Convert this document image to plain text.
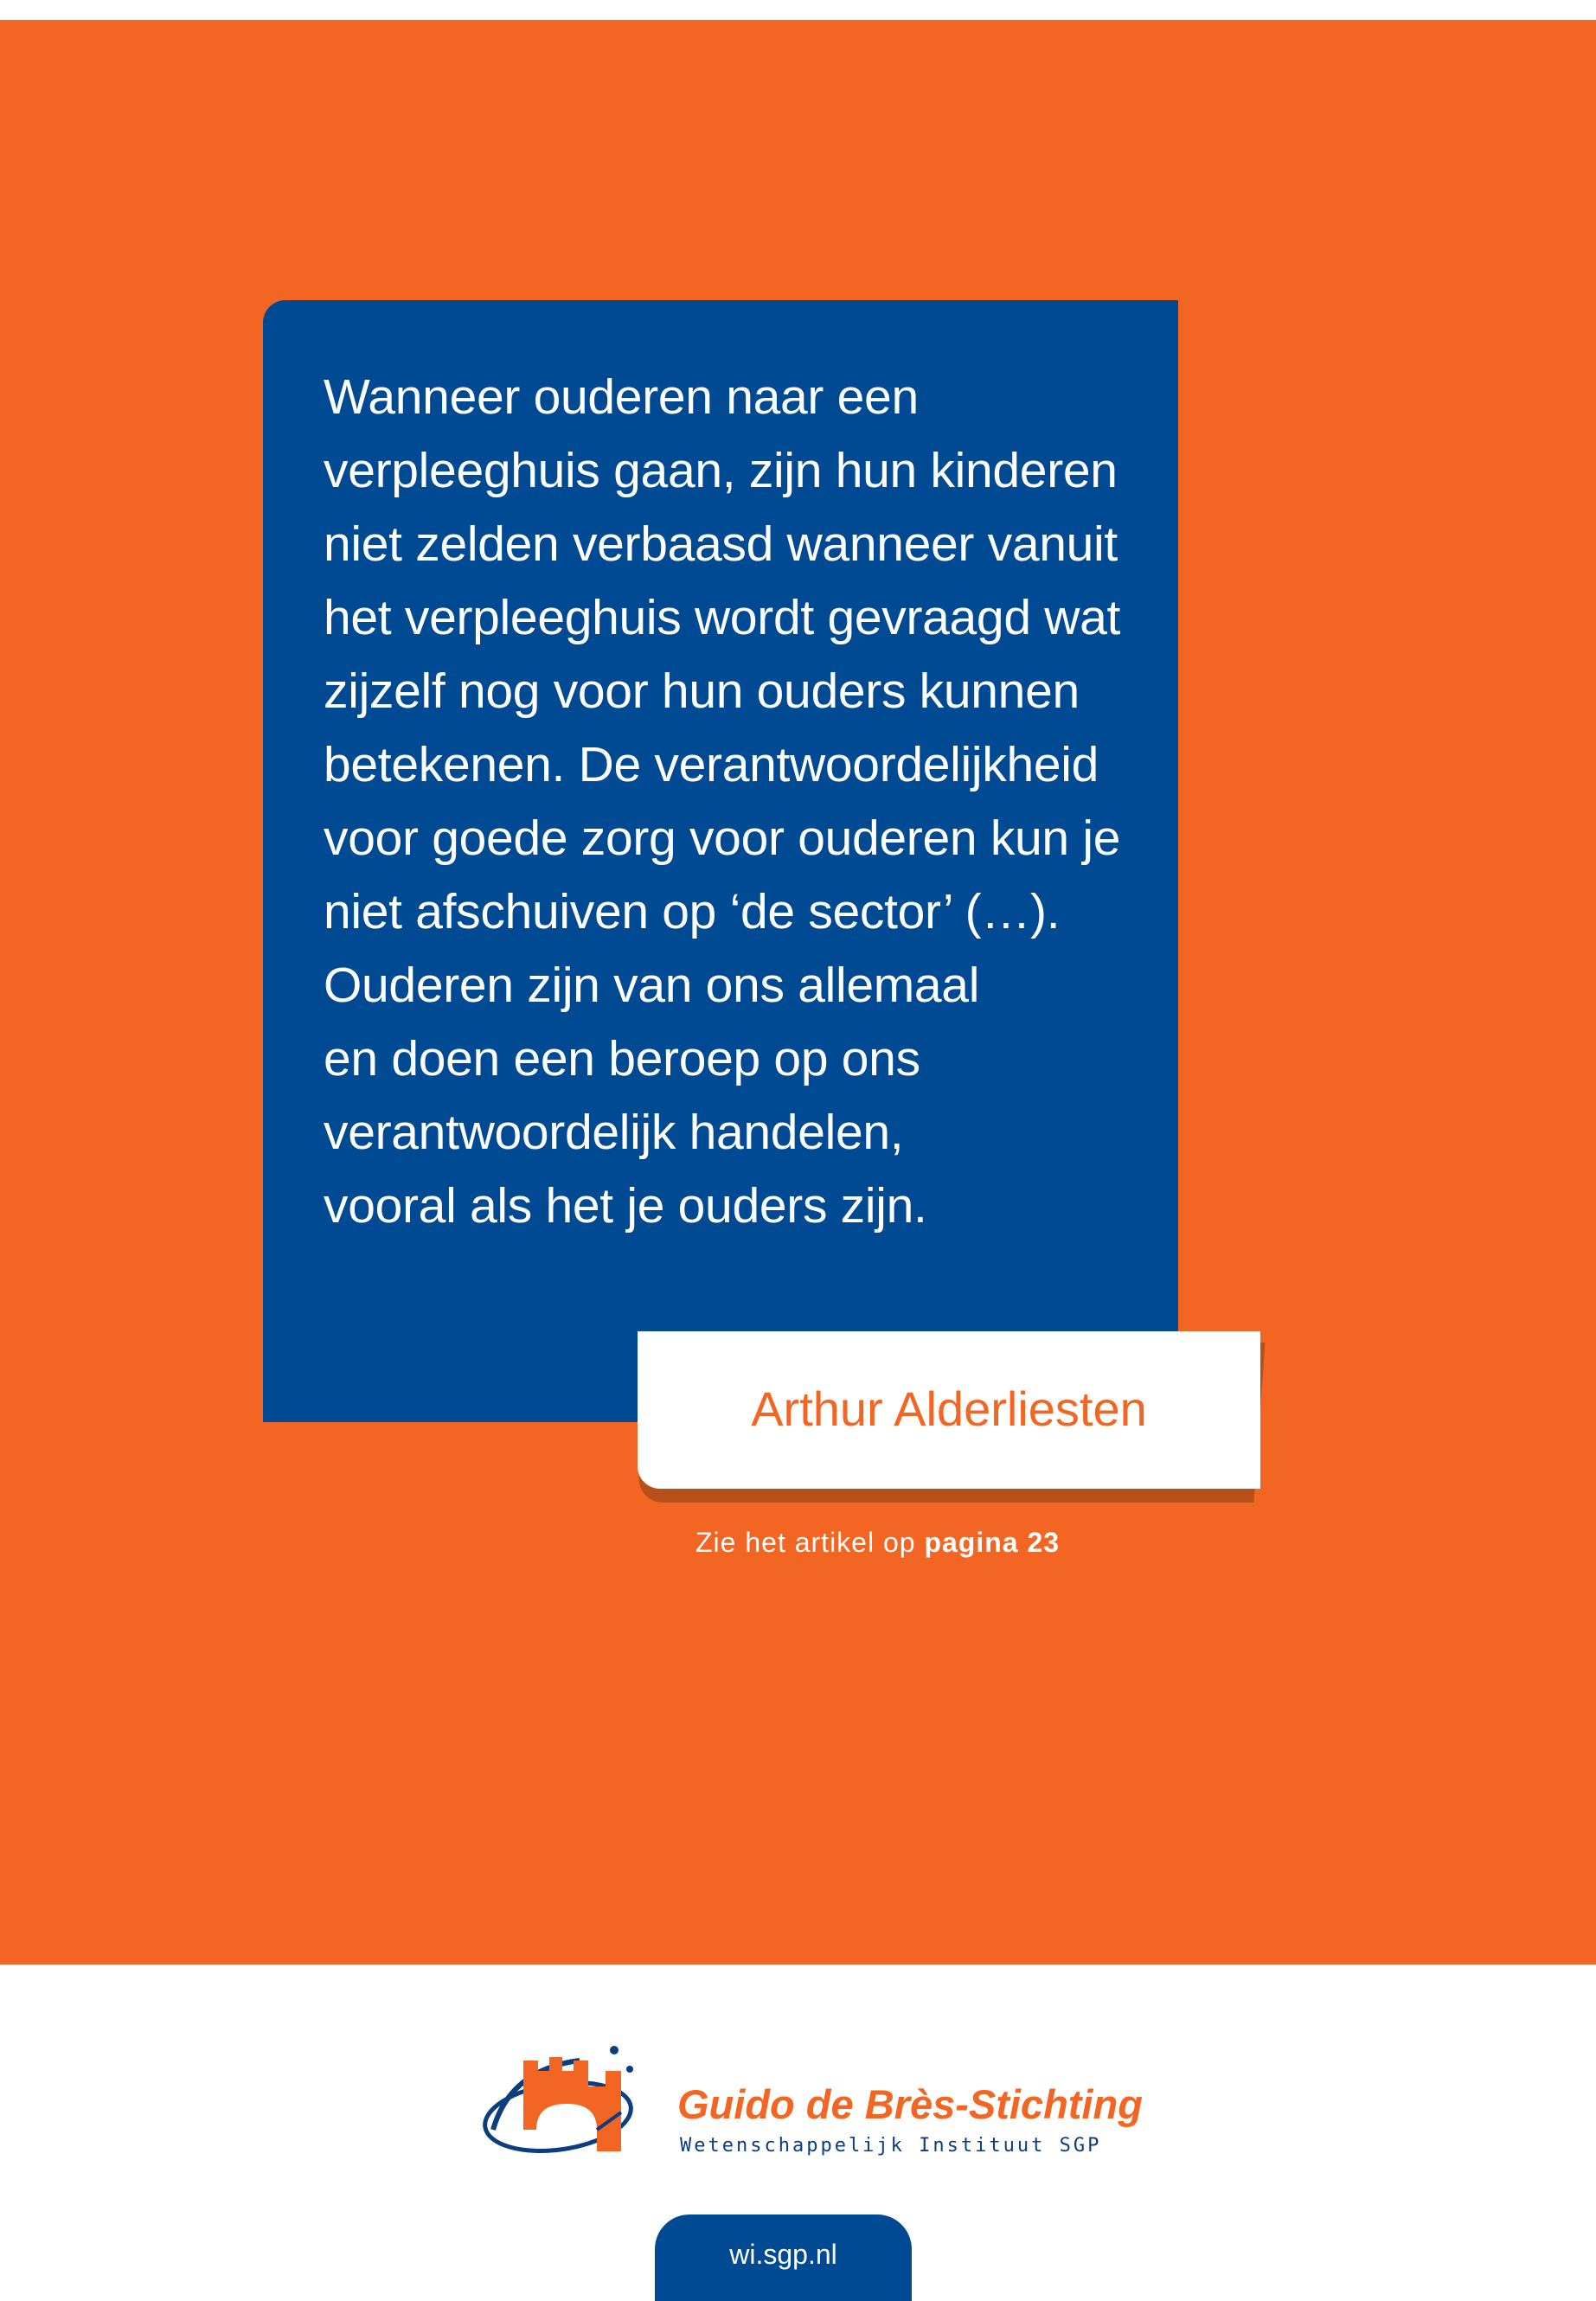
Wanneer ouderen naar een
verpleeghuis gaan, zijn hun kinderen
niet zelden verbaasd wanneer vanuit
het verpleeghuis wordt gevraagd wat
zijzelf nog voor hun ouders kunnen
betekenen. De verantwoordelijkheid
voor goede zorg voor ouderen kun je
niet afschuiven op ‘de sector’ (…).
Ouderen zijn van ons allemaal
en doen een beroep op ons
verantwoordelijk handelen,
vooral als het je ouders zijn.

Arthur Alderliesten
Zie het artikel op pagina 23
Guido de Brès-Stichting
Wetenschappelijk Instituut SGP
wi.sgp.nl
